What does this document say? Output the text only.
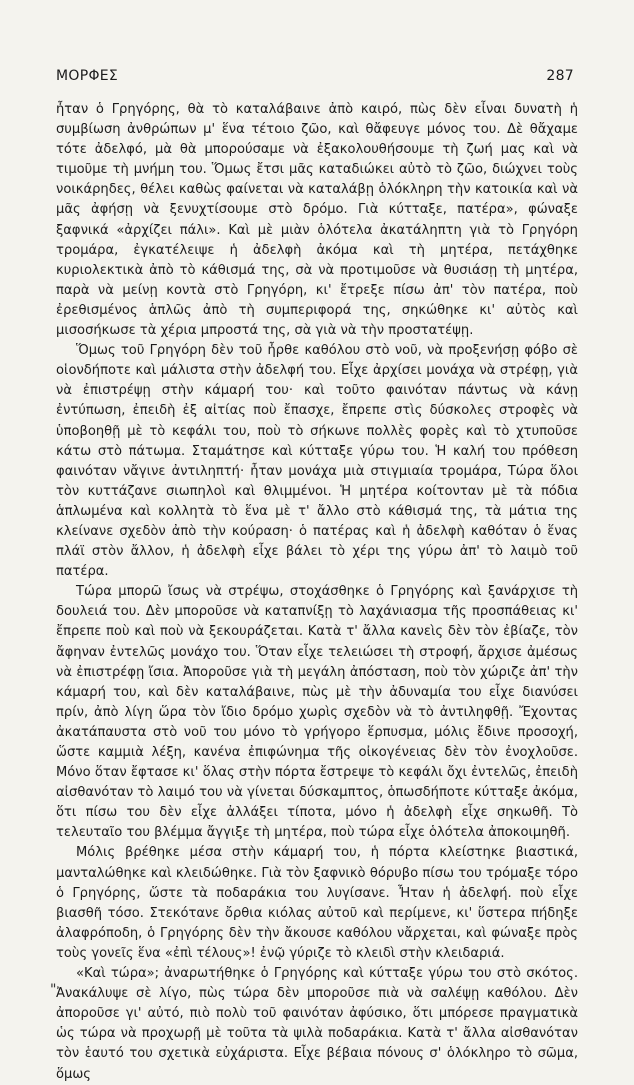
ΜΟΡΦΕΣ	287

ἦταν ὁ Γρηγόρης, θὰ τὸ καταλάβαινε ἀπὸ καιρό, πὼς δὲν εἶναι δυνατὴ ἡ συμβίωση ἀνθρώπων μ' ἕνα τέτοιο ζῶο, καὶ θἄφευγε μόνος του. Δὲ θἄχαμε τότε ἀδελφό, μὰ θὰ μπορούσαμε νὰ ἐξακολουθήσουμε τὴ ζωή μας καὶ νὰ τιμοῦμε τὴ μνήμη του. Ὅμως ἔτσι μᾶς καταδιώκει αὐτὸ τὸ ζῶο, διώχνει τοὺς νοικάρηδες, θέλει καθὼς φαίνεται νὰ καταλάβῃ ὁλόκληρη τὴν κατοικία καὶ νὰ μᾶς ἀφήσῃ νὰ ξενυχτίσουμε στὸ δρόμο. Γιὰ κύτταξε, πατέρα», φώναξε ξαφνικά «ἀρχίζει πάλι». Καὶ μὲ μιὰν ὁλότελα ἀκατάληπτη γιὰ τὸ Γρηγόρη τρομάρα, ἐγκατέλειψε ἡ ἀδελφὴ ἀκόμα καὶ τὴ μητέρα, πετάχθηκε κυριολεκτικὰ ἀπὸ τὸ κάθισμά της, σὰ νὰ προτιμοῦσε νὰ θυσιάσῃ τὴ μητέρα, παρὰ νὰ μείνῃ κοντὰ στὸ Γρηγόρη, κι' ἔτρεξε πίσω ἀπ' τὸν πατέρα, ποὺ ἐρεθισμένος ἁπλῶς ἀπὸ τὴ συμπεριφορά της, σηκώθηκε κι' αὐτὸς καὶ μισοσήκωσε τὰ χέρια μπροστά της, σὰ γιὰ νὰ τὴν προστατέψῃ.

Ὅμως τοῦ Γρηγόρη δὲν τοῦ ἦρθε καθόλου στὸ νοῦ, νὰ προξενήσῃ φόβο σὲ οἱονδήποτε καὶ μάλιστα στὴν ἀδελφή του. Εἶχε ἀρχίσει μονάχα νὰ στρέφῃ, γιὰ νὰ ἐπιστρέψῃ στὴν κάμαρή του· καὶ τοῦτο φαινόταν πάντως νὰ κάνῃ ἐντύπωση, ἐπειδὴ ἐξ αἰτίας ποὺ ἔπασχε, ἔπρεπε στὶς δύσκολες στροφὲς νὰ ὑποβοηθῇ μὲ τὸ κεφάλι του, ποὺ τὸ σήκωνε πολλὲς φορὲς καὶ τὸ χτυποῦσε κάτω στὸ πάτωμα. Σταμάτησε καὶ κύτταξε γύρω του. Ἡ καλή του πρόθεση φαινόταν νἄγινε ἀντιληπτή· ἦταν μονάχα μιὰ στιγμιαία τρομάρα, Τώρα ὅλοι τὸν κυττάζανε σιωπηλοὶ καὶ θλιμμένοι. Ἡ μητέρα κοίτονταν μὲ τὰ πόδια ἁπλωμένα καὶ κολλητὰ τὸ ἕνα μὲ τ' ἄλλο στὸ κάθισμά της, τὰ μάτια της κλείνανε σχεδὸν ἀπὸ τὴν κούραση· ὁ πατέρας καὶ ἡ ἀδελφὴ καθόταν ὁ ἕνας πλάϊ στὸν ἄλλον, ἡ ἀδελφὴ εἶχε βάλει τὸ χέρι της γύρω ἀπ' τὸ λαιμὸ τοῦ πατέρα.

Τώρα μπορῶ ἴσως νὰ στρέψω, στοχάσθηκε ὁ Γρηγόρης καὶ ξανάρχισε τὴ δουλειά του. Δὲν μποροῦσε νὰ καταπνίξῃ τὸ λαχάνιασμα τῆς προσπάθειας κι' ἔπρεπε ποὺ καὶ ποὺ νὰ ξεκουράζεται. Κατὰ τ' ἄλλα κανεὶς δὲν τὸν ἐβίαζε, τὸν ἄφηναν ἐντελῶς μονάχο του. Ὅταν εἶχε τελειώσει τὴ στροφή, ἄρχισε ἀμέσως νὰ ἐπιστρέφῃ ἴσια. Ἀποροῦσε γιὰ τὴ μεγάλη ἀπόσταση, ποὺ τὸν χώριζε ἀπ' τὴν κάμαρή του, καὶ δὲν καταλάβαινε, πὼς μὲ τὴν ἀδυναμία του εἶχε διανύσει πρίν, ἀπὸ λίγη ὥρα τὸν ἴδιο δρόμο χωρὶς σχεδὸν νὰ τὸ ἀντιληφθῇ. Ἔχοντας ἀκατάπαυστα στὸ νοῦ του μόνο τὸ γρήγορο ἕρπυσμα, μόλις ἔδινε προσοχή, ὥστε καμμιὰ λέξη, κανένα ἐπιφώνημα τῆς οἰκογένειας δὲν τὸν ἐνοχλοῦσε. Μόνο ὅταν ἔφτασε κι' ὅλας στὴν πόρτα ἔστρεψε τὸ κεφάλι ὄχι ἐντελῶς, ἐπειδὴ αἰσθανόταν τὸ λαιμό του νὰ γίνεται δύσκαμπτος, ὁπωσδήποτε κύτταξε ἀκόμα, ὅτι πίσω του δὲν εἶχε ἀλλάξει τίποτα, μόνο ἡ ἀδελφὴ εἶχε σηκωθῆ. Τὸ τελευταῖο του βλέμμα ἄγγιξε τὴ μητέρα, ποὺ τώρα εἶχε ὁλότελα ἀποκοιμηθῆ.

Μόλις βρέθηκε μέσα στὴν κάμαρή του, ἡ πόρτα κλείστηκε βιαστικά, μανταλώθηκε καὶ κλειδώθηκε. Γιὰ τὸν ξαφνικὸ θόρυβο πίσω του τρόμαξε τόρο ὁ Γρηγόρης, ὥστε τὰ ποδαράκια του λυγίσανε. Ἦταν ἡ ἀδελφή. ποὺ εἶχε βιασθῆ τόσο. Στεκότανε ὄρθια κιόλας αὐτοῦ καὶ περίμενε, κι' ὕστερα πήδηξε ἀλαφρόποδη, ὁ Γρηγόρης δὲν τὴν ἄκουσε καθόλου νἄρχεται, καὶ φώναξε πρὸς τοὺς γονεῖς ἕνα «ἐπὶ τέλους»! ἐνῷ γύριζε τὸ κλειδὶ στὴν κλειδαριά.

«Καὶ τώρα»; ἀναρωτήθηκε ὁ Γρηγόρης καὶ κύτταξε γύρω του στὸ σκότος. Ἀνακάλυψε σὲ λίγο, πὼς τώρα δὲν μποροῦσε πιὰ νὰ σαλέψῃ καθόλου. Δὲν ἀποροῦσε γι' αὐτό, πιὸ πολὺ τοῦ φαινόταν ἀφύσικο, ὅτι μπόρεσε πραγματικὰ ὡς τώρα νὰ προχωρῇ μὲ τοῦτα τὰ ψιλὰ ποδαράκια. Κατὰ τ' ἄλλα αἰσθανόταν τὸν ἑαυτό του σχετικὰ εὐχάριστα. Εἶχε βέβαια πόνους σ' ὁλόκληρο τὸ σῶμα, ὅμως

"
